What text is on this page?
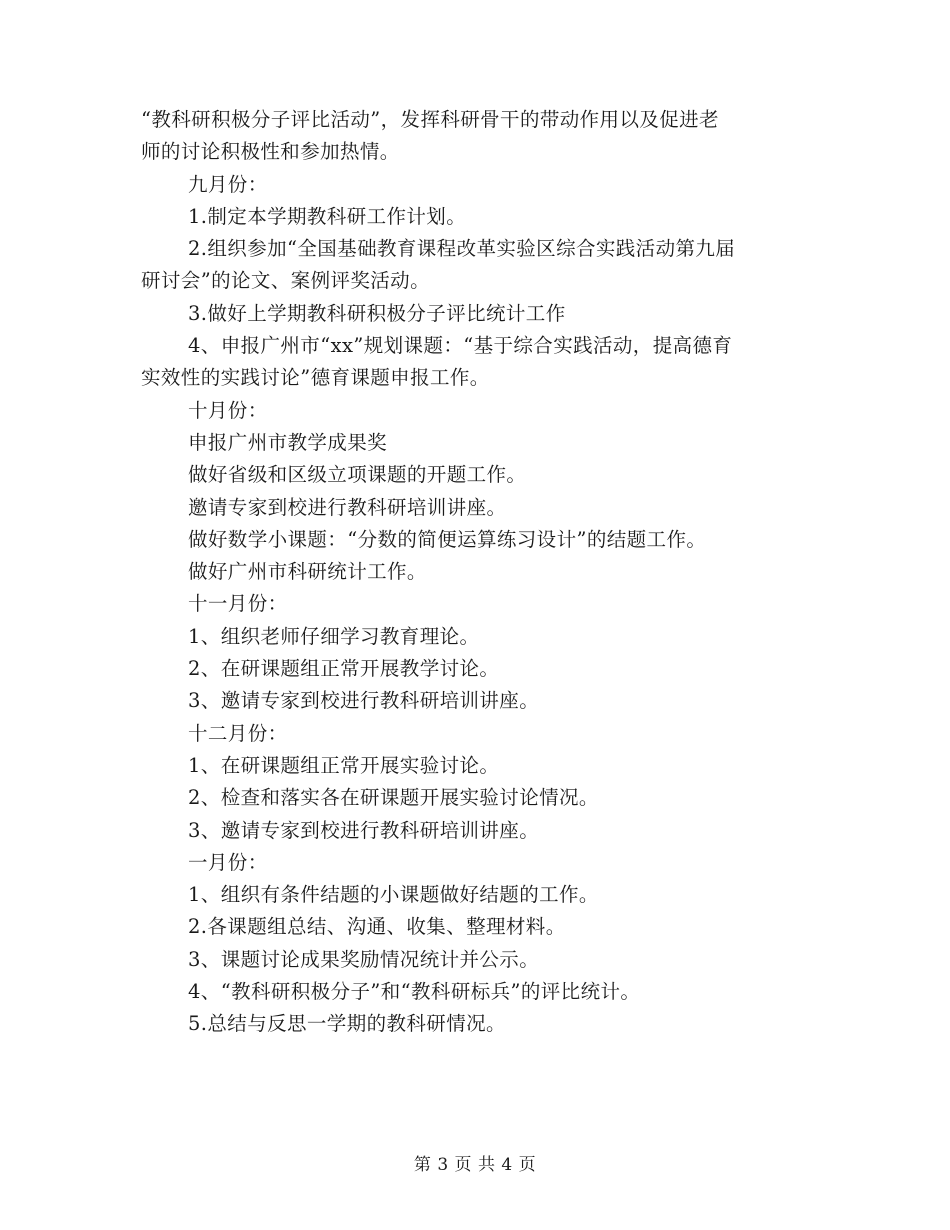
“教科研积极分子评比活动”，发挥科研骨干的带动作用以及促进老
师的讨论积极性和参加热情。
九月份：
1.制定本学期教科研工作计划。
2.组织参加“全国基础教育课程改革实验区综合实践活动第九届
研讨会”的论文、案例评奖活动。
3.做好上学期教科研积极分子评比统计工作
4、申报广州市“xx”规划课题：“基于综合实践活动，提高德育
实效性的实践讨论”德育课题申报工作。
十月份：
申报广州市教学成果奖
做好省级和区级立项课题的开题工作。
邀请专家到校进行教科研培训讲座。
做好数学小课题：“分数的简便运算练习设计”的结题工作。
做好广州市科研统计工作。
十一月份：
1、组织老师仔细学习教育理论。
2、在研课题组正常开展教学讨论。
3、邀请专家到校进行教科研培训讲座。
十二月份：
1、在研课题组正常开展实验讨论。
2、检查和落实各在研课题开展实验讨论情况。
3、邀请专家到校进行教科研培训讲座。
一月份：
1、组织有条件结题的小课题做好结题的工作。
2.各课题组总结、沟通、收集、整理材料。
3、课题讨论成果奖励情况统计并公示。
4、“教科研积极分子”和“教科研标兵”的评比统计。
5.总结与反思一学期的教科研情况。
第 3 页 共 4 页
